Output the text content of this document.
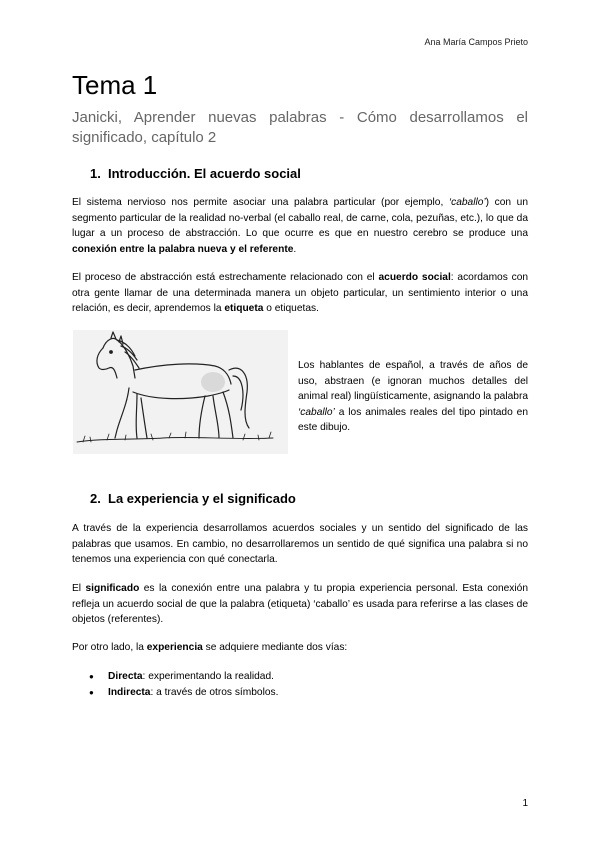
Ana María Campos Prieto
Tema 1

Janicki, Aprender nuevas palabras - Cómo desarrollamos el significado, capítulo 2

1. Introducción. El acuerdo social

El sistema nervioso nos permite asociar una palabra particular (por ejemplo, ‘caballo’) con un segmento particular de la realidad no-verbal (el caballo real, de carne, cola, pezuñas, etc.), lo que da lugar a un proceso de abstracción. Lo que ocurre es que en nuestro cerebro se produce una conexión entre la palabra nueva y el referente.

El proceso de abstracción está estrechamente relacionado con el acuerdo social: acordamos con otra gente llamar de una determinada manera un objeto particular, un sentimiento interior o una relación, es decir, aprendemos la etiqueta o etiquetas.

Los hablantes de español, a través de años de uso, abstraen (e ignoran muchos detalles del animal real) lingüísticamente, asignando la palabra ‘caballo’ a los animales reales del tipo pintado en este dibujo.

2. La experiencia y el significado

A través de la experiencia desarrollamos acuerdos sociales y un sentido del significado de las palabras que usamos. En cambio, no desarrollaremos un sentido de qué significa una palabra si no tenemos una experiencia con qué conectarla.

El significado es la conexión entre una palabra y tu propia experiencia personal. Esta conexión refleja un acuerdo social de que la palabra (etiqueta) ‘caballo’ es usada para referirse a las clases de objetos (referentes).

Por otro lado, la experiencia se adquiere mediante dos vías:

● Directa: experimentando la realidad.
● Indirecta: a través de otros símbolos.
1
